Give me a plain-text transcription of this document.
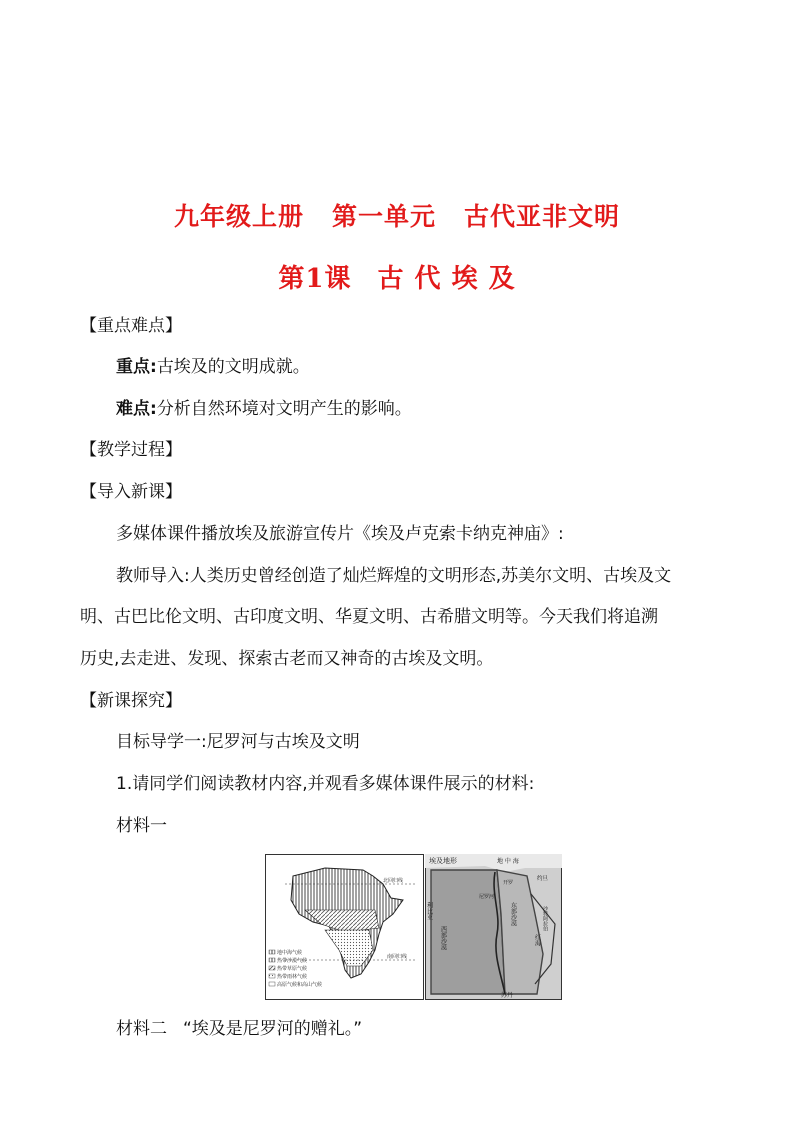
九年级上册 第一单元 古代亚非文明
第1课 古 代 埃 及
【重点难点】
重点:古埃及的文明成就。
难点:分析自然环境对文明产生的影响。
【教学过程】
【导入新课】
多媒体课件播放埃及旅游宣传片《埃及卢克索卡纳克神庙》:
教师导入:人类历史曾经创造了灿烂辉煌的文明形态,苏美尔文明、古埃及文
明、古巴比伦文明、古印度文明、华夏文明、古希腊文明等。今天我们将追溯
历史,去走进、发现、探索古老而又神奇的古埃及文明。
【新课探究】
目标导学一:尼罗河与古埃及文明
1.请同学们阅读教材内容,并观看多媒体课件展示的材料:
材料一
北回归线
南回归线
地中海气候
热带沙漠气候
热带草原气候
热带雨林气候
高原气候和高山气候
埃及地形	地 中 海
约旦
沙特阿拉伯
西部沙漠
东部沙漠
红海
苏丹
利比亚
开罗
尼罗河
材料二 “埃及是尼罗河的赠礼。”
